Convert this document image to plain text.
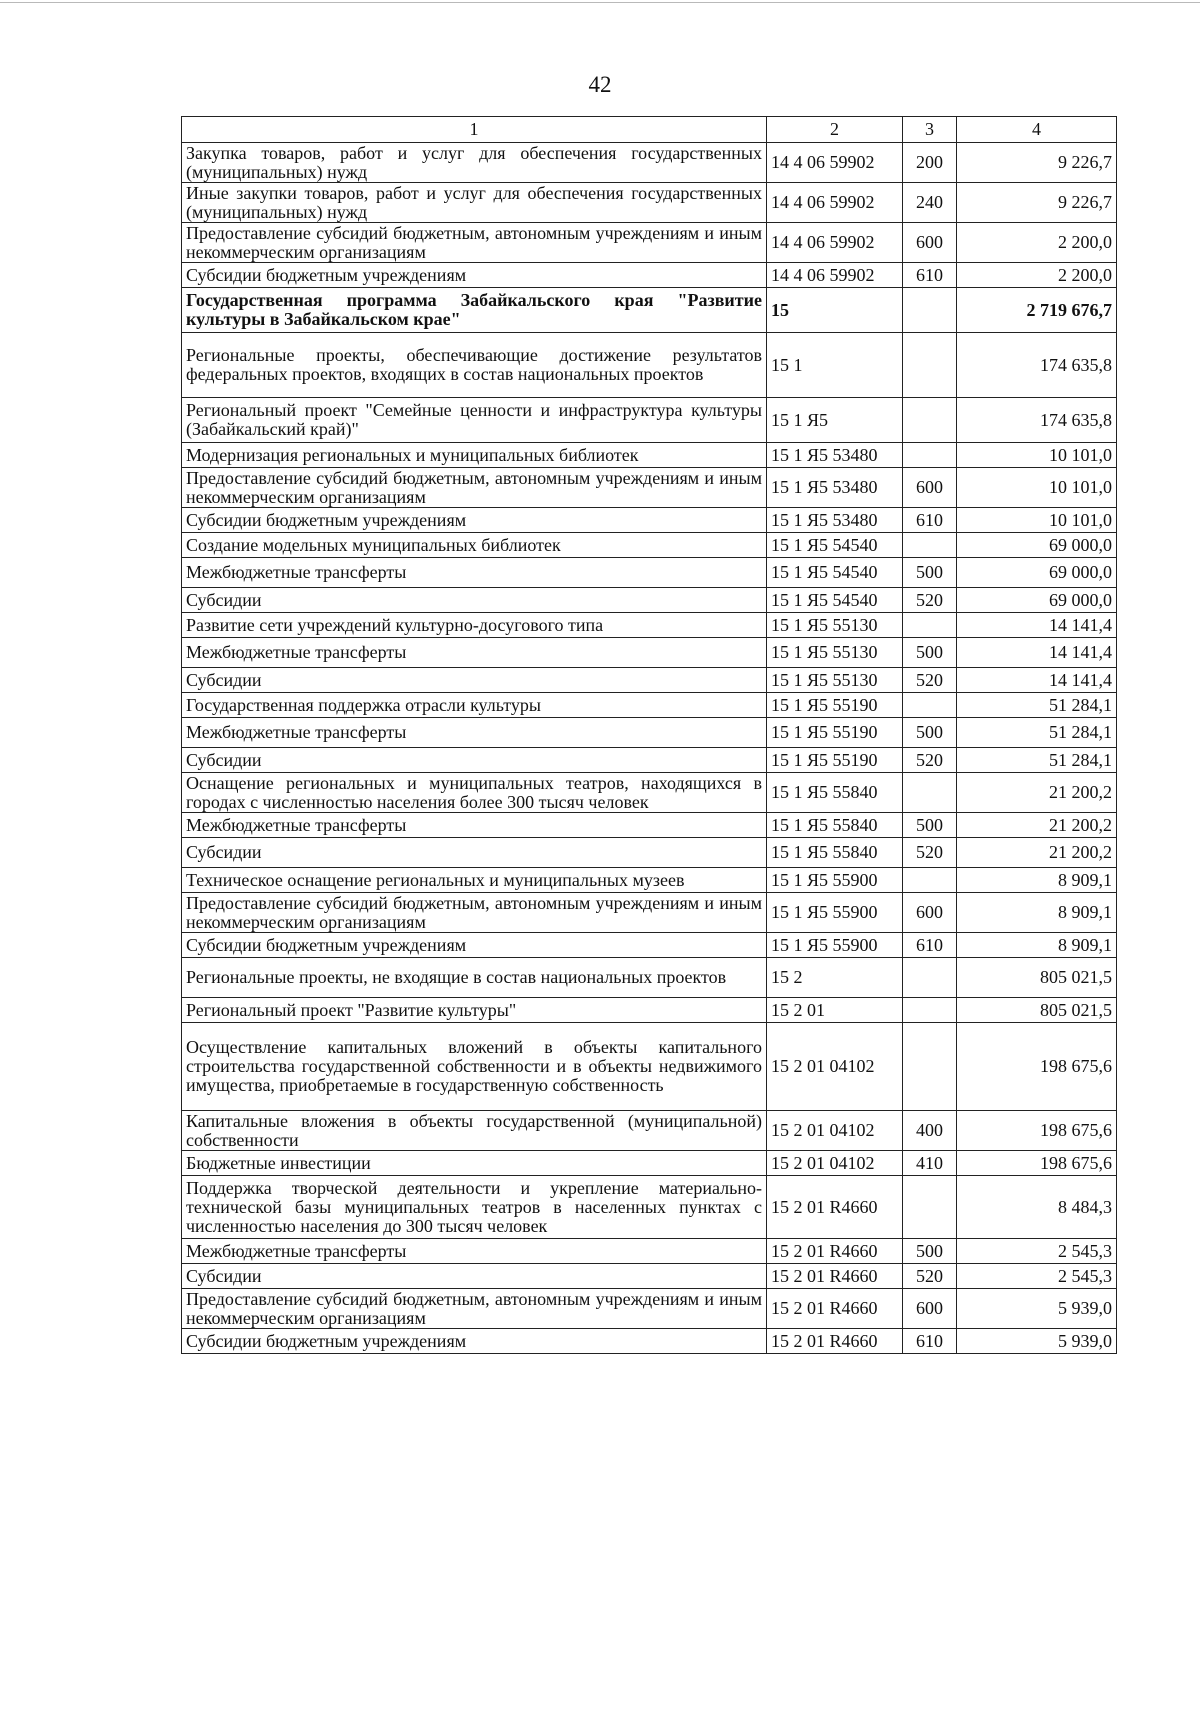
42
1	2	3	4
Закупка товаров, работ и услуг для обеспечения государственных (муниципальных) нужд	14 4 06 59902	200	9 226,7
Иные закупки товаров, работ и услуг для обеспечения государственных (муниципальных) нужд	14 4 06 59902	240	9 226,7
Предоставление субсидий бюджетным, автономным учреждениям и иным некоммерческим организациям	14 4 06 59902	600	2 200,0
Субсидии бюджетным учреждениям	14 4 06 59902	610	2 200,0
Государственная программа Забайкальского края "Развитие культуры в Забайкальском крае"	15		2 719 676,7
Региональные проекты, обеспечивающие достижение результатов федеральных проектов, входящих в состав национальных проектов	15 1		174 635,8
Региональный проект "Семейные ценности и инфраструктура культуры (Забайкальский край)"	15 1 Я5		174 635,8
Модернизация региональных и муниципальных библиотек	15 1 Я5 53480		10 101,0
Предоставление субсидий бюджетным, автономным учреждениям и иным некоммерческим организациям	15 1 Я5 53480	600	10 101,0
Субсидии бюджетным учреждениям	15 1 Я5 53480	610	10 101,0
Создание модельных муниципальных библиотек	15 1 Я5 54540		69 000,0
Межбюджетные трансферты	15 1 Я5 54540	500	69 000,0
Субсидии	15 1 Я5 54540	520	69 000,0
Развитие сети учреждений культурно-досугового типа	15 1 Я5 55130		14 141,4
Межбюджетные трансферты	15 1 Я5 55130	500	14 141,4
Субсидии	15 1 Я5 55130	520	14 141,4
Государственная поддержка отрасли культуры	15 1 Я5 55190		51 284,1
Межбюджетные трансферты	15 1 Я5 55190	500	51 284,1
Субсидии	15 1 Я5 55190	520	51 284,1
Оснащение региональных и муниципальных театров, находящихся в городах с численностью населения более 300 тысяч человек	15 1 Я5 55840		21 200,2
Межбюджетные трансферты	15 1 Я5 55840	500	21 200,2
Субсидии	15 1 Я5 55840	520	21 200,2
Техническое оснащение региональных и муниципальных музеев	15 1 Я5 55900		8 909,1
Предоставление субсидий бюджетным, автономным учреждениям и иным некоммерческим организациям	15 1 Я5 55900	600	8 909,1
Субсидии бюджетным учреждениям	15 1 Я5 55900	610	8 909,1
Региональные проекты, не входящие в состав национальных проектов	15 2		805 021,5
Региональный проект "Развитие культуры"	15 2 01		805 021,5
Осуществление капитальных вложений в объекты капитального строительства государственной собственности и в объекты недвижимого имущества, приобретаемые в государственную собственность	15 2 01 04102		198 675,6
Капитальные вложения в объекты государственной (муниципальной) собственности	15 2 01 04102	400	198 675,6
Бюджетные инвестиции	15 2 01 04102	410	198 675,6
Поддержка творческой деятельности и укрепление материально-технической базы муниципальных театров в населенных пунктах с численностью населения до 300 тысяч человек	15 2 01 R4660		8 484,3
Межбюджетные трансферты	15 2 01 R4660	500	2 545,3
Субсидии	15 2 01 R4660	520	2 545,3
Предоставление субсидий бюджетным, автономным учреждениям и иным некоммерческим организациям	15 2 01 R4660	600	5 939,0
Субсидии бюджетным учреждениям	15 2 01 R4660	610	5 939,0
